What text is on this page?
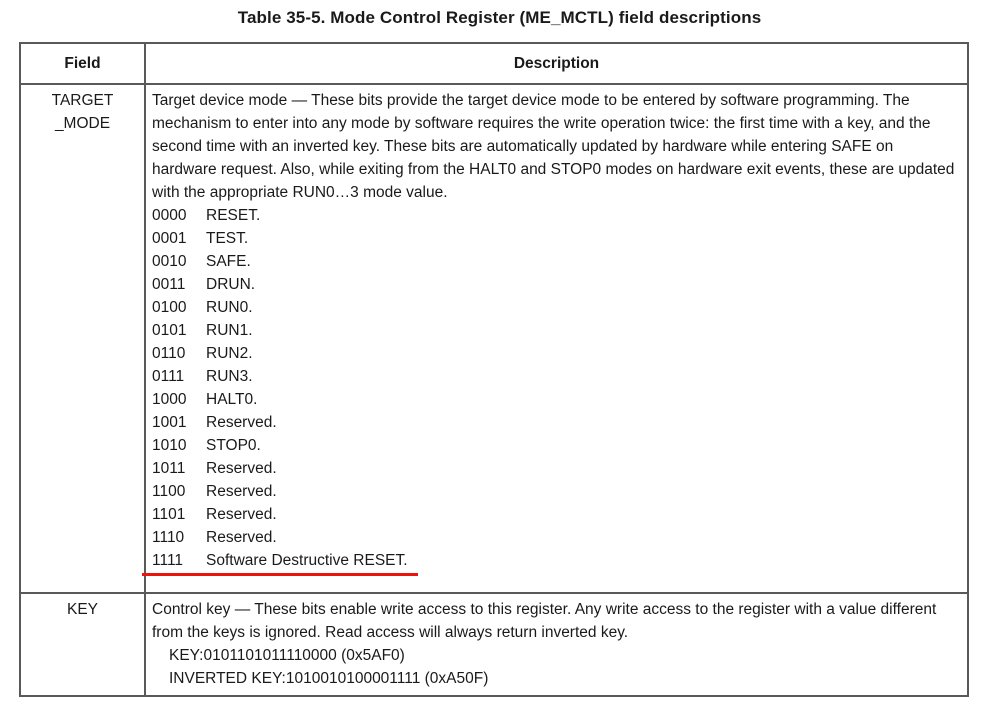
Table 35-5. Mode Control Register (ME_MCTL) field descriptions
Field	Description
TARGET
_MODE
Target device mode — These bits provide the target device mode to be entered by software programming. The mechanism to enter into any mode by software requires the write operation twice: the first time with a key, and the second time with an inverted key. These bits are automatically updated by hardware while entering SAFE on hardware request. Also, while exiting from the HALT0 and STOP0 modes on hardware exit events, these are updated with the appropriate RUN0…3 mode value.
0000 RESET.
0001 TEST.
0010 SAFE.
0011 DRUN.
0100 RUN0.
0101 RUN1.
0110 RUN2.
0111 RUN3.
1000 HALT0.
1001 Reserved.
1010 STOP0.
1011 Reserved.
1100 Reserved.
1101 Reserved.
1110 Reserved.
1111 Software Destructive RESET.
KEY	Control key — These bits enable write access to this register. Any write access to the register with a value different from the keys is ignored. Read access will always return inverted key.
KEY:0101101011110000 (0x5AF0)
INVERTED KEY:1010010100001111 (0xA50F)
